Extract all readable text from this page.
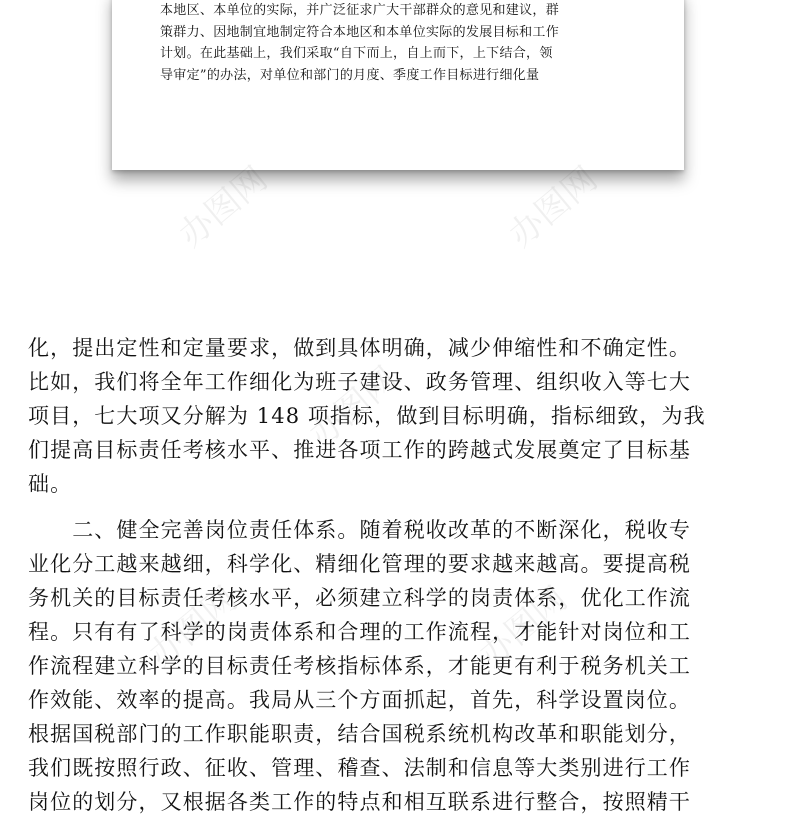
本地区、本单位的实际，并广泛征求广大干部群众的意见和建议，群
策群力、因地制宜地制定符合本地区和本单位实际的发展目标和工作
计划。在此基础上，我们采取“自下而上，自上而下，上下结合，领
导审定”的办法，对单位和部门的月度、季度工作目标进行细化量

办图网	办图网
办图网
办图网	办图网

化，提出定性和定量要求，做到具体明确，减少伸缩性和不确定性。
比如，我们将全年工作细化为班子建设、政务管理、组织收入等七大
项目，七大项又分解为 148 项指标，做到目标明确，指标细致，为我
们提高目标责任考核水平、推进各项工作的跨越式发展奠定了目标基
础。

　　二、健全完善岗位责任体系。随着税收改革的不断深化，税收专
业化分工越来越细，科学化、精细化管理的要求越来越高。要提高税
务机关的目标责任考核水平，必须建立科学的岗责体系，优化工作流
程。只有有了科学的岗责体系和合理的工作流程，才能针对岗位和工
作流程建立科学的目标责任考核指标体系，才能更有利于税务机关工
作效能、效率的提高。我局从三个方面抓起，首先，科学设置岗位。
根据国税部门的工作职能职责，结合国税系统机构改革和职能划分，
我们既按照行政、征收、管理、稽查、法制和信息等大类别进行工作
岗位的划分，又根据各类工作的特点和相互联系进行整合，按照精干
